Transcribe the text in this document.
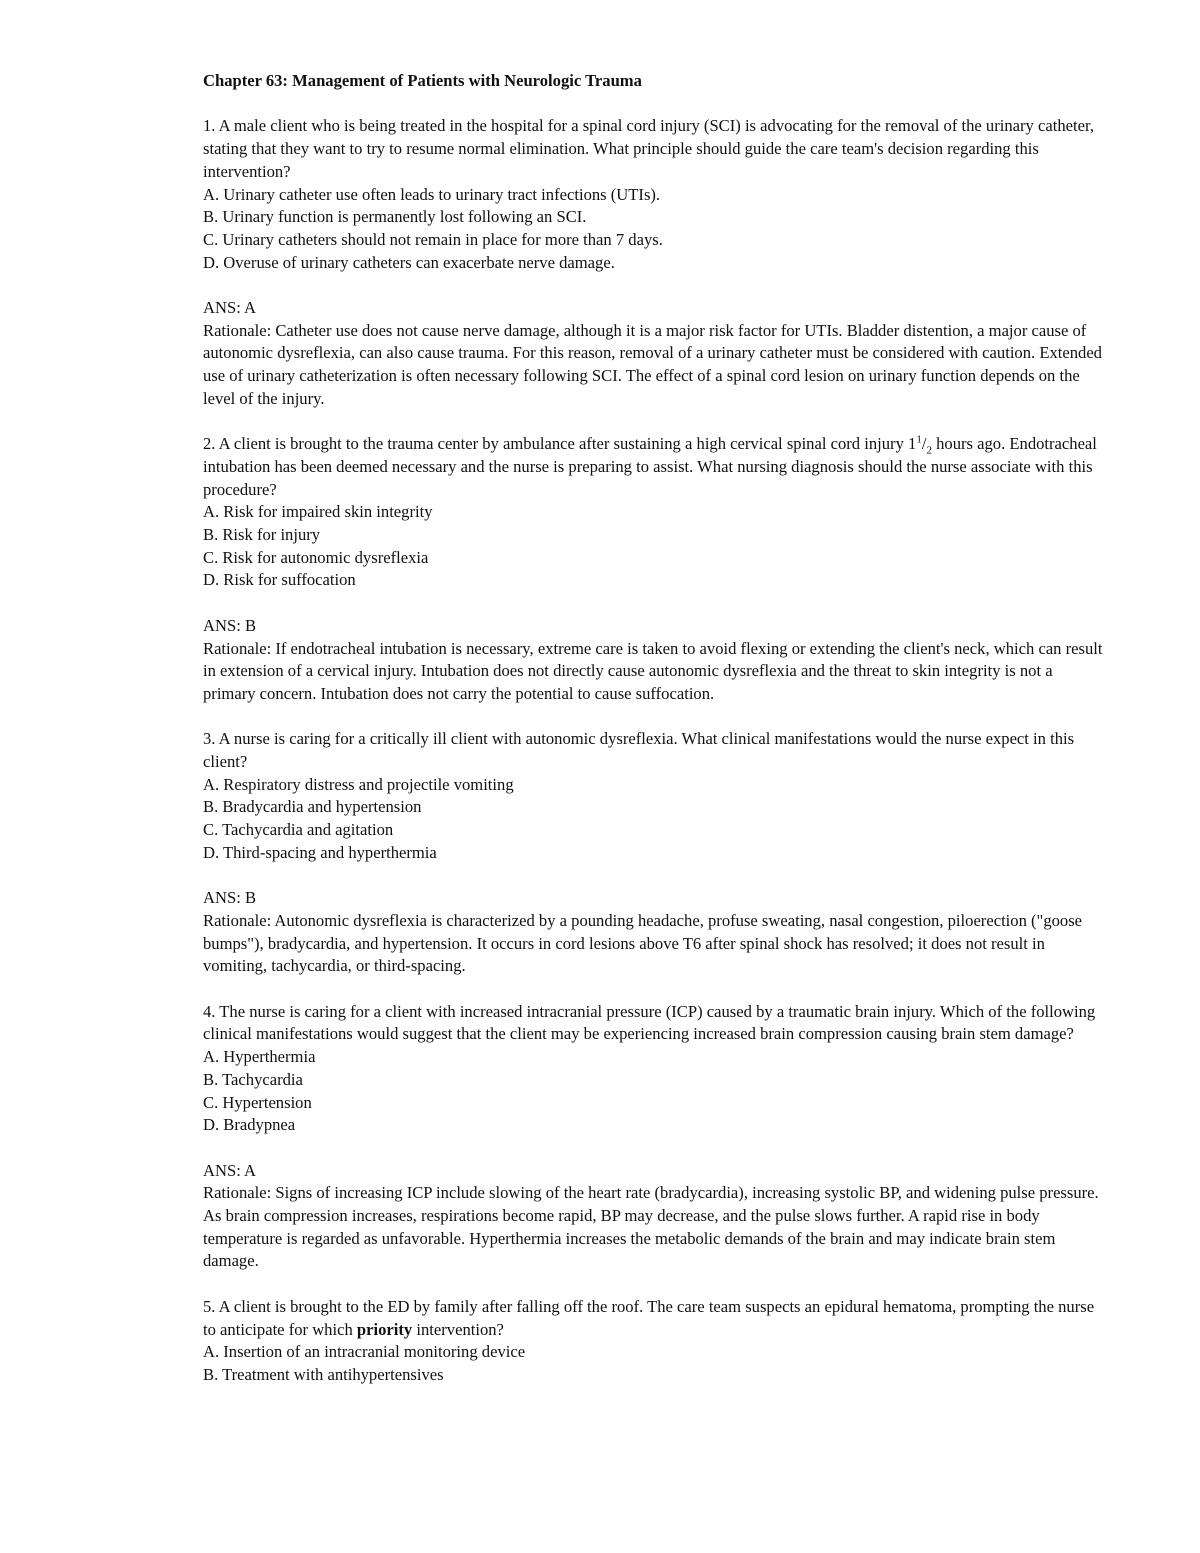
Chapter 63: Management of Patients with Neurologic Trauma
1. A male client who is being treated in the hospital for a spinal cord injury (SCI) is advocating for the removal of the urinary catheter, stating that they want to try to resume normal elimination. What principle should guide the care team's decision regarding this intervention?
A. Urinary catheter use often leads to urinary tract infections (UTIs).
B. Urinary function is permanently lost following an SCI.
C. Urinary catheters should not remain in place for more than 7 days.
D. Overuse of urinary catheters can exacerbate nerve damage.
ANS: A
Rationale: Catheter use does not cause nerve damage, although it is a major risk factor for UTIs. Bladder distention, a major cause of autonomic dysreflexia, can also cause trauma. For this reason, removal of a urinary catheter must be considered with caution. Extended use of urinary catheterization is often necessary following SCI. The effect of a spinal cord lesion on urinary function depends on the level of the injury.
2. A client is brought to the trauma center by ambulance after sustaining a high cervical spinal cord injury $1^1/_2$ hours ago. Endotracheal intubation has been deemed necessary and the nurse is preparing to assist. What nursing diagnosis should the nurse associate with this procedure?
A. Risk for impaired skin integrity
B. Risk for injury
C. Risk for autonomic dysreflexia
D. Risk for suffocation
ANS: B
Rationale: If endotracheal intubation is necessary, extreme care is taken to avoid flexing or extending the client's neck, which can result in extension of a cervical injury. Intubation does not directly cause autonomic dysreflexia and the threat to skin integrity is not a primary concern. Intubation does not carry the potential to cause suffocation.
3. A nurse is caring for a critically ill client with autonomic dysreflexia. What clinical manifestations would the nurse expect in this client?
A. Respiratory distress and projectile vomiting
B. Bradycardia and hypertension
C. Tachycardia and agitation
D. Third-spacing and hyperthermia
ANS: B
Rationale: Autonomic dysreflexia is characterized by a pounding headache, profuse sweating, nasal congestion, piloerection ("goose bumps"), bradycardia, and hypertension. It occurs in cord lesions above T6 after spinal shock has resolved; it does not result in vomiting, tachycardia, or third-spacing.
4. The nurse is caring for a client with increased intracranial pressure (ICP) caused by a traumatic brain injury. Which of the following clinical manifestations would suggest that the client may be experiencing increased brain compression causing brain stem damage?
A. Hyperthermia
B. Tachycardia
C. Hypertension
D. Bradypnea
ANS: A
Rationale: Signs of increasing ICP include slowing of the heart rate (bradycardia), increasing systolic BP, and widening pulse pressure. As brain compression increases, respirations become rapid, BP may decrease, and the pulse slows further. A rapid rise in body temperature is regarded as unfavorable. Hyperthermia increases the metabolic demands of the brain and may indicate brain stem damage.
5. A client is brought to the ED by family after falling off the roof. The care team suspects an epidural hematoma, prompting the nurse to anticipate for which priority intervention?
A. Insertion of an intracranial monitoring device
B. Treatment with antihypertensives
